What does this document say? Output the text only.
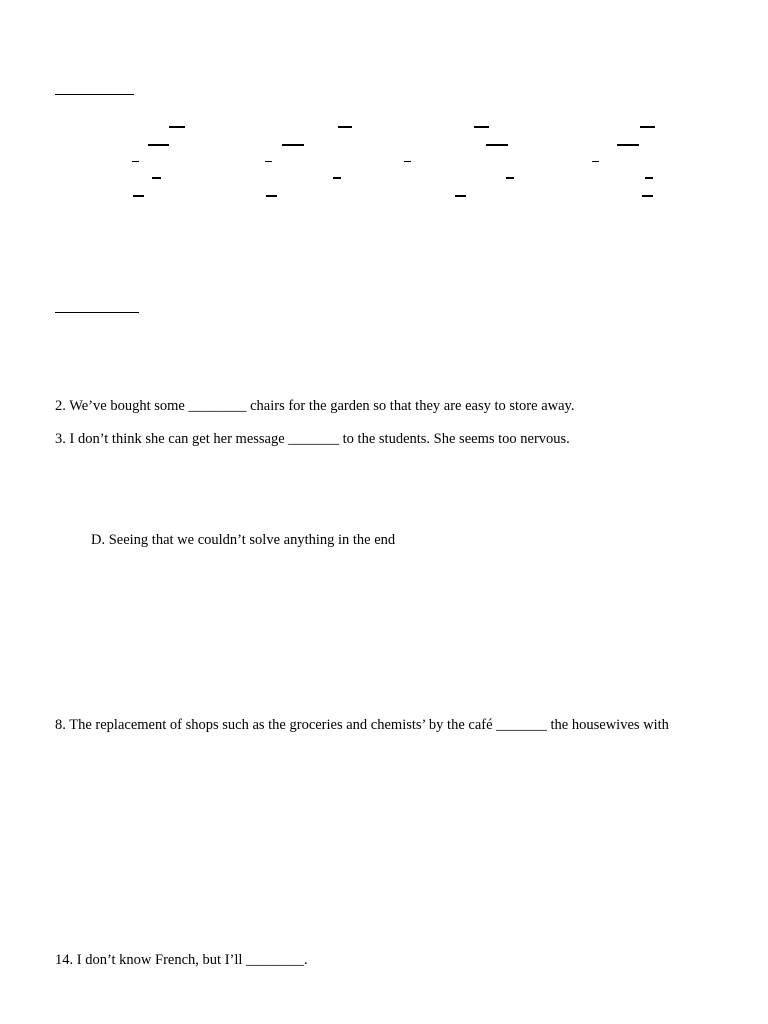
2. We’ve bought some ________ chairs for the garden so that they are easy to store away.
3. I don’t think she can get her message _______ to the students. She seems too nervous.
D. Seeing that we couldn’t solve anything in the end
8. The replacement of shops such as the groceries and chemists’ by the café _______ the housewives with
14. I don’t know French, but I’ll ________.
